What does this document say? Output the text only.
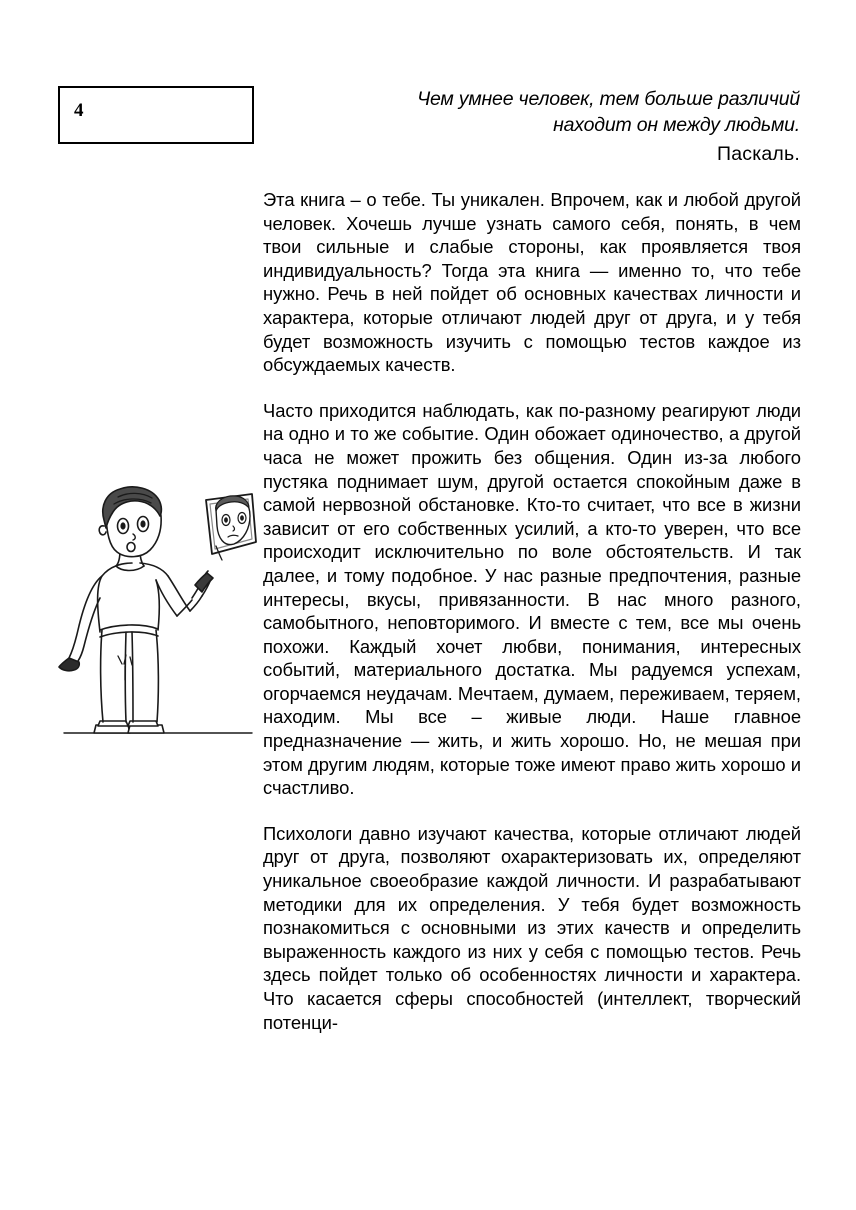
4
Чем умнее человек, тем больше различий
находит он между людьми.
Паскаль.

Эта книга – о тебе. Ты уникален. Впрочем, как и любой другой человек. Хочешь лучше узнать самого себя, понять, в чем твои сильные и слабые стороны, как проявляется твоя индивидуальность? Тогда эта книга — именно то, что тебе нужно. Речь в ней пойдет об основных качествах личности и характера, которые отличают людей друг от друга, и у тебя будет возможность изучить с помощью тестов каждое из обсуждаемых качеств.

Часто приходится наблюдать, как по-разному реагируют люди на одно и то же событие. Один обожает одиночество, а другой часа не может прожить без общения. Один из-за любого пустяка поднимает шум, другой остается спокойным даже в самой нервозной обстановке. Кто-то считает, что все в жизни зависит от его собственных усилий, а кто-то уверен, что все происходит исключительно по воле обстоятельств. И так далее, и тому подобное. У нас разные предпочтения, разные интересы, вкусы, привязанности. В нас много разного, самобытного, неповторимого. И вместе с тем, все мы очень похожи. Каждый хочет любви, понимания, интересных событий, материального достатка. Мы радуемся успехам, огорчаемся неудачам. Мечтаем, думаем, переживаем, теряем, находим. Мы все – живые люди. Наше главное предназначение — жить, и жить хорошо. Но, не мешая при этом другим людям, которые тоже имеют право жить хорошо и счастливо.

Психологи давно изучают качества, которые отличают людей друг от друга, позволяют охарактеризовать их, определяют уникальное своеобразие каждой личности. И разрабатывают методики для их определения. У тебя будет возможность познакомиться с основными из этих качеств и определить выраженность каждого из них у себя с помощью тестов. Речь здесь пойдет только об особенностях личности и характера. Что касается сферы способностей (интеллект, творческий потенци-
